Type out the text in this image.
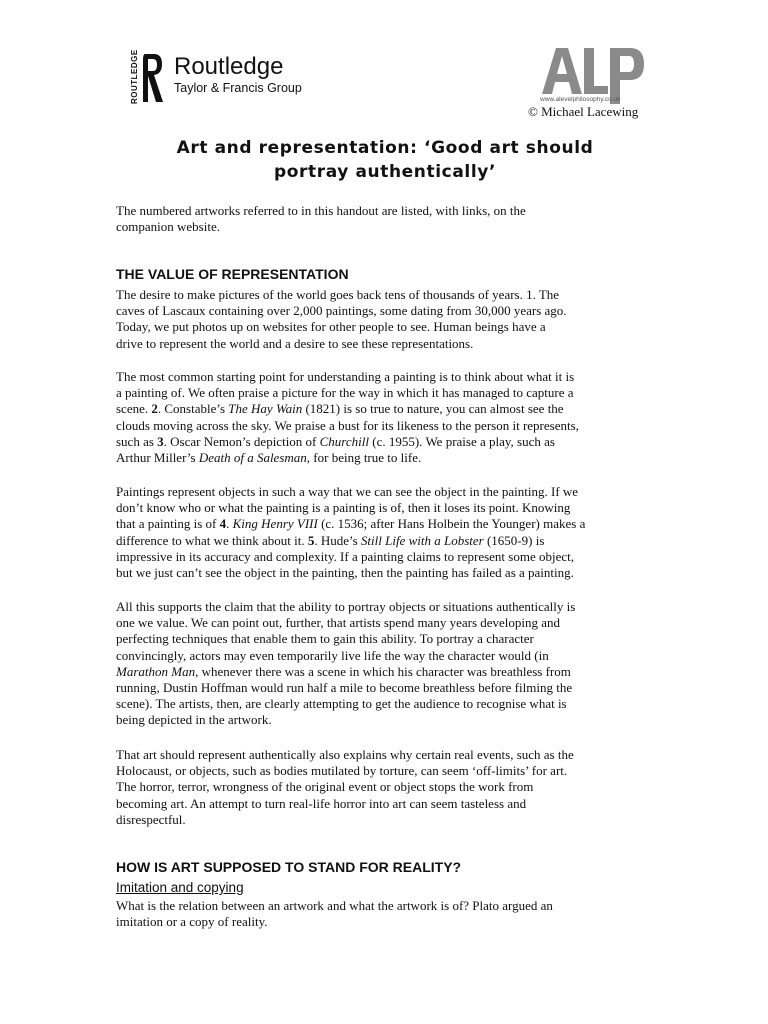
ROUTLEDGE Routledge
Taylor & Francis Group
www.alevelphilosophy.co.uk
© Michael Lacewing
Art and representation: ‘Good art should
portray authentically’
The numbered artworks referred to in this handout are listed, with links, on the
companion website.
THE VALUE OF REPRESENTATION
The desire to make pictures of the world goes back tens of thousands of years. 1. The
caves of Lascaux containing over 2,000 paintings, some dating from 30,000 years ago.
Today, we put photos up on websites for other people to see. Human beings have a
drive to represent the world and a desire to see these representations.
The most common starting point for understanding a painting is to think about what it is
a painting of. We often praise a picture for the way in which it has managed to capture a
scene. 2. Constable’s The Hay Wain (1821) is so true to nature, you can almost see the
clouds moving across the sky. We praise a bust for its likeness to the person it represents,
such as 3. Oscar Nemon’s depiction of Churchill (c. 1955). We praise a play, such as
Arthur Miller’s Death of a Salesman, for being true to life.
Paintings represent objects in such a way that we can see the object in the painting. If we
don’t know who or what the painting is a painting is of, then it loses its point. Knowing
that a painting is of 4. King Henry VIII (c. 1536; after Hans Holbein the Younger) makes a
difference to what we think about it. 5. Hude’s Still Life with a Lobster (1650-9) is
impressive in its accuracy and complexity. If a painting claims to represent some object,
but we just can’t see the object in the painting, then the painting has failed as a painting.
All this supports the claim that the ability to portray objects or situations authentically is
one we value. We can point out, further, that artists spend many years developing and
perfecting techniques that enable them to gain this ability. To portray a character
convincingly, actors may even temporarily live life the way the character would (in
Marathon Man, whenever there was a scene in which his character was breathless from
running, Dustin Hoffman would run half a mile to become breathless before filming the
scene). The artists, then, are clearly attempting to get the audience to recognise what is
being depicted in the artwork.
That art should represent authentically also explains why certain real events, such as the
Holocaust, or objects, such as bodies mutilated by torture, can seem ‘off-limits’ for art.
The horror, terror, wrongness of the original event or object stops the work from
becoming art. An attempt to turn real-life horror into art can seem tasteless and
disrespectful.
HOW IS ART SUPPOSED TO STAND FOR REALITY?
Imitation and copying
What is the relation between an artwork and what the artwork is of? Plato argued an
imitation or a copy of reality.
